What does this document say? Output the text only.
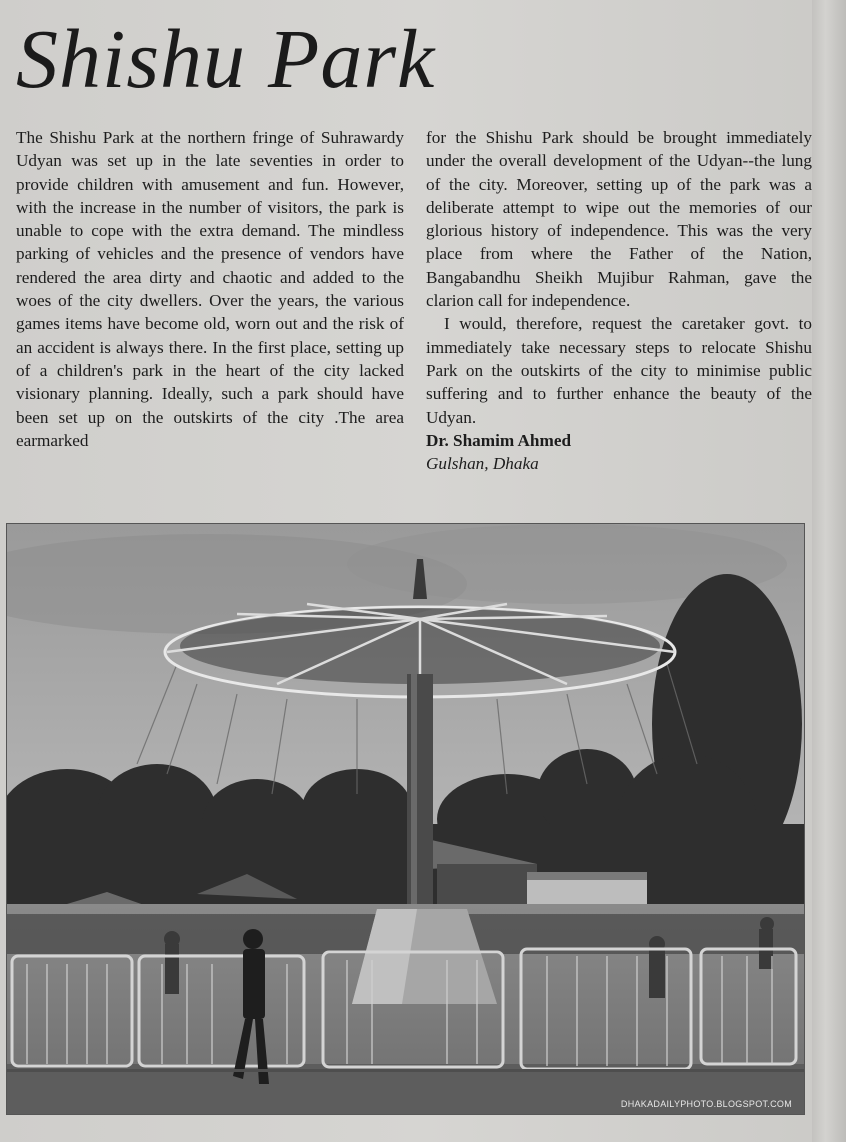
Shishu Park

The Shishu Park at the northern fringe of Suhrawardy Udyan was set up in the late seventies in order to provide children with amusement and fun. However, with the increase in the number of visitors, the park is unable to cope with the extra demand. The mindless parking of vehicles and the presence of vendors have rendered the area dirty and chaotic and added to the woes of the city dwellers. Over the years, the various games items have become old, worn out and the risk of an accident is always there. In the first place, setting up of a children's park in the heart of the city lacked visionary planning. Ideally, such a park should have been set up on the outskirts of the city .The area earmarked

for the Shishu Park should be brought immediately under the overall development of the Udyan--the lung of the city. Moreover, setting up of the park was a deliberate attempt to wipe out the memories of our glorious history of independence. This was the very place from where the Father of the Nation, Bangabandhu Sheikh Mujibur Rahman, gave the clarion call for independence.

I would, therefore, request the caretaker govt. to immediately take necessary steps to relocate Shishu Park on the outskirts of the city to minimise public suffering and to further enhance the beauty of the Udyan.

Dr. Shamim Ahmed

Gulshan, Dhaka

DHAKADAILYPHOTO.BLOGSPOT.COM
